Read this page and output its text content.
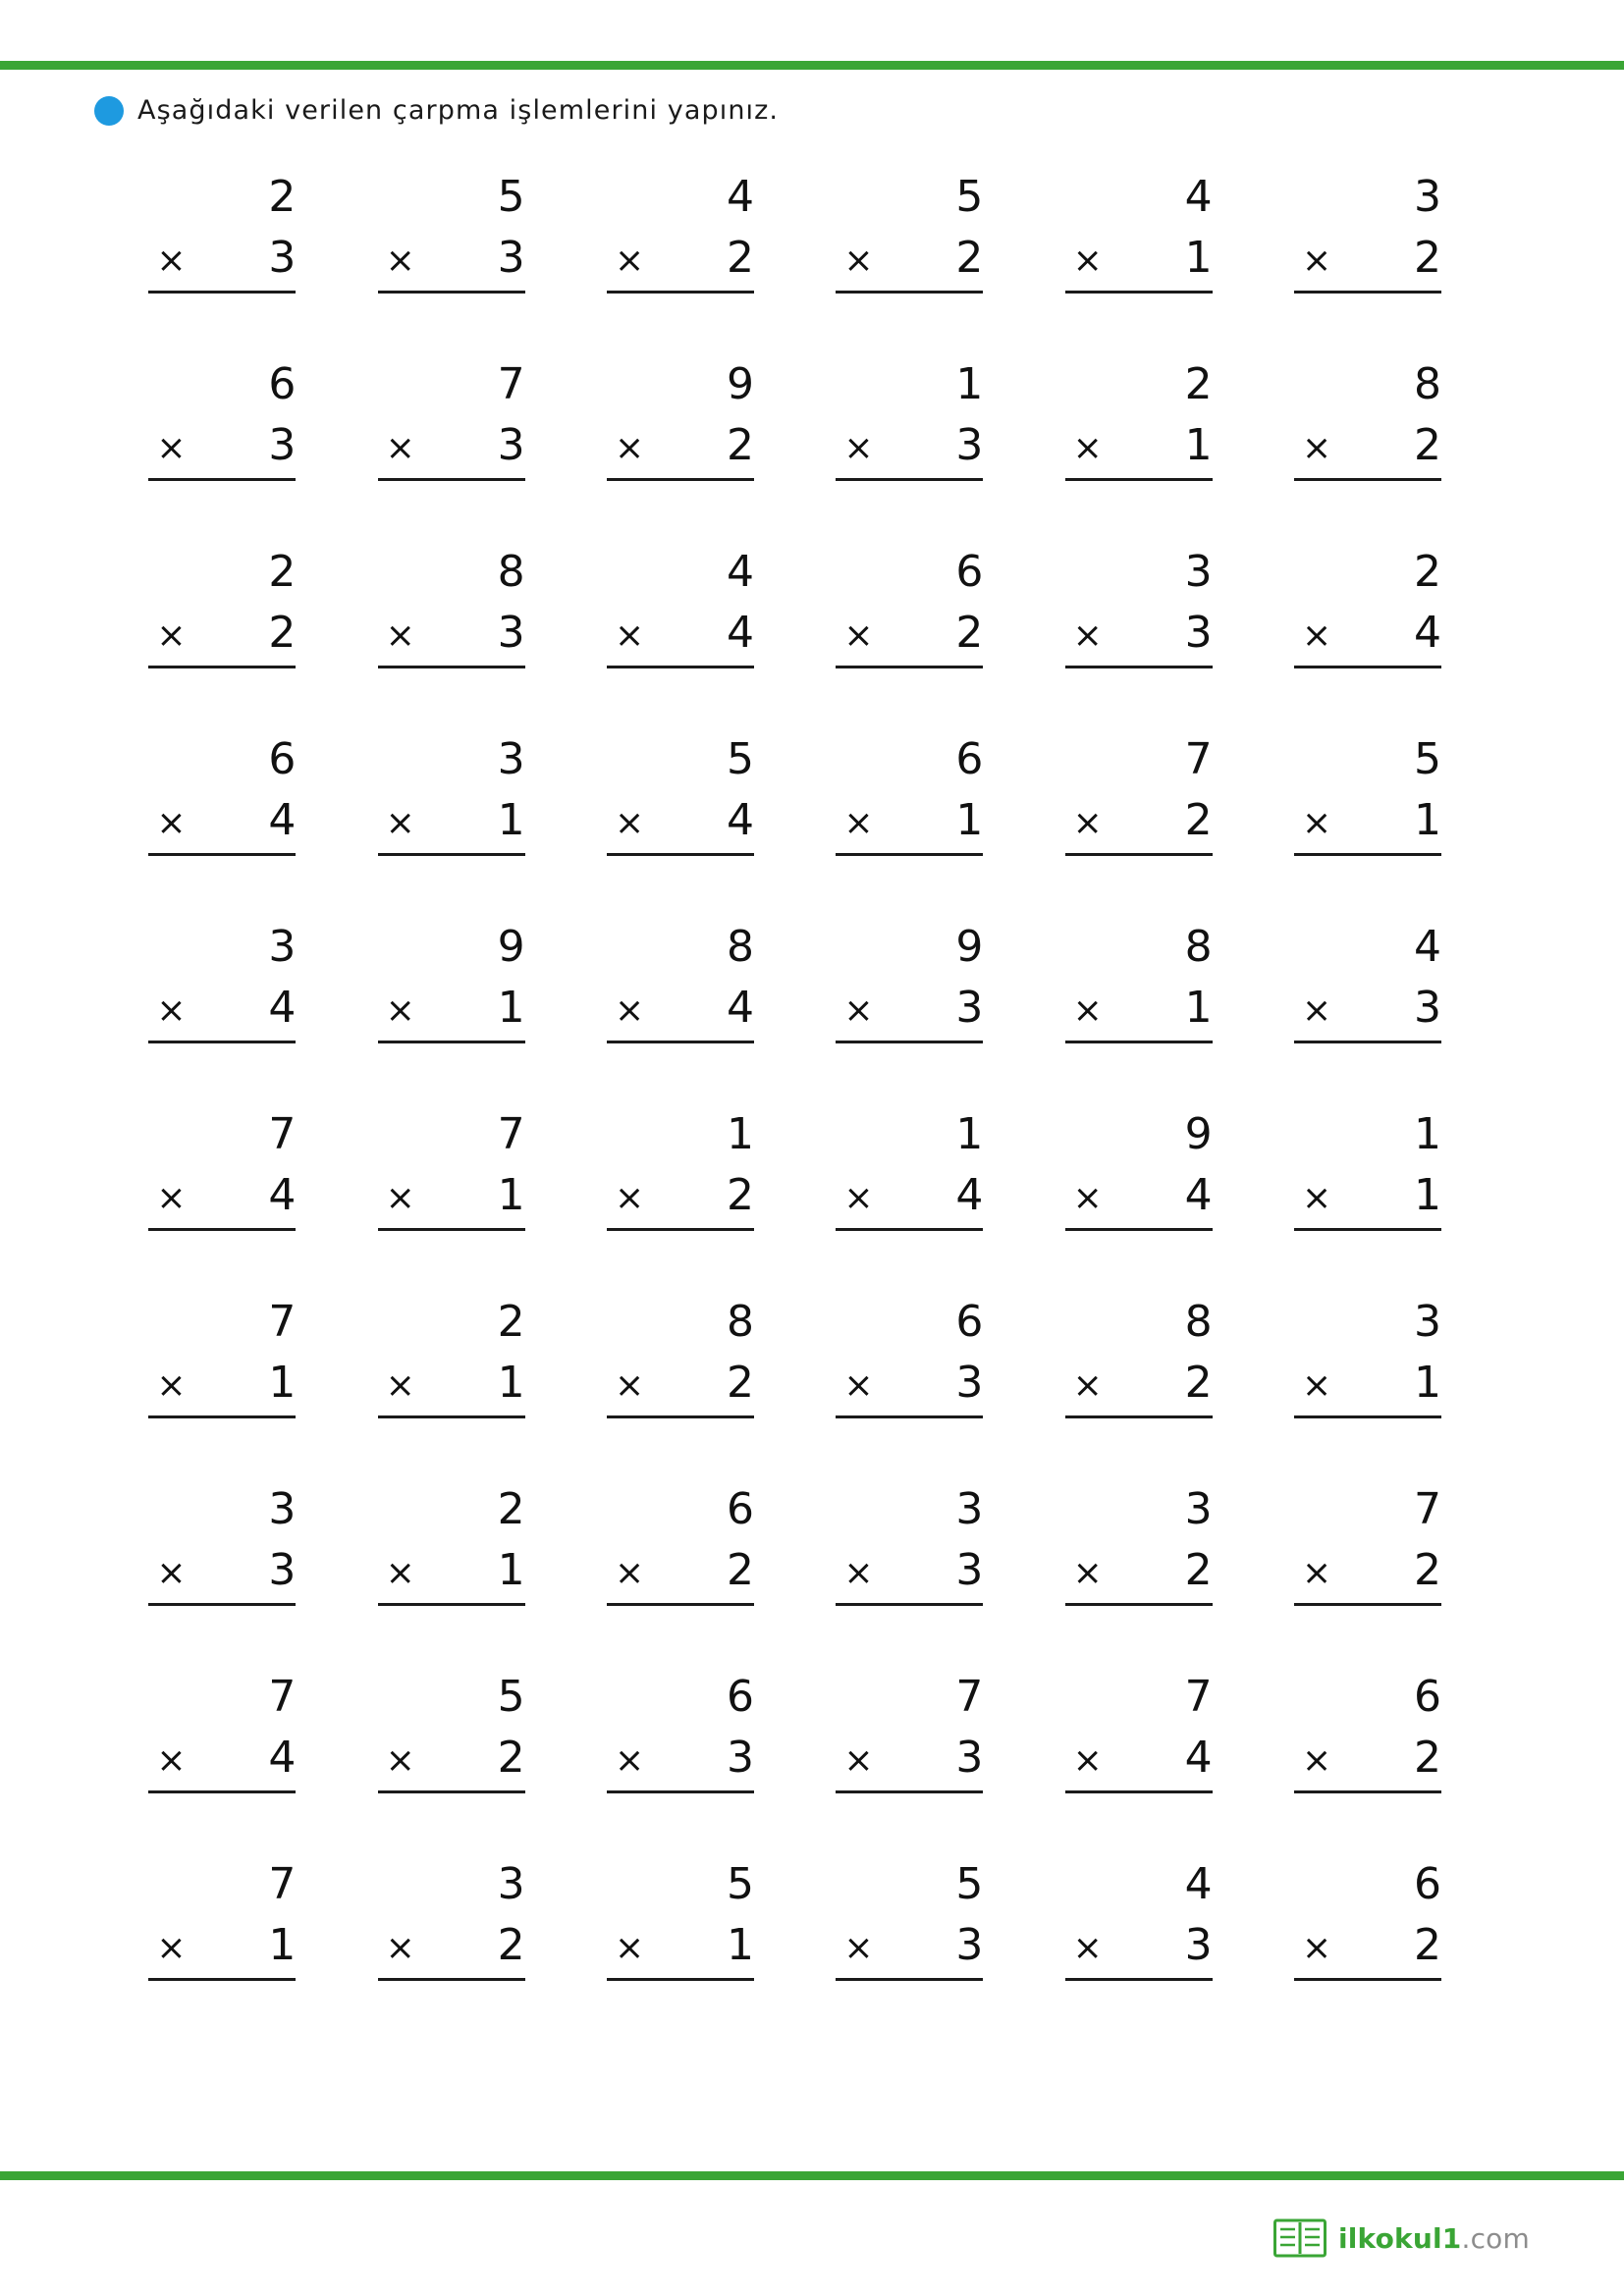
Aşağıdaki verilen çarpma işlemlerini yapınız.
2
× 3
5
× 3
4
× 2
5
× 2
4
× 1
3
× 2
6
× 3
7
× 3
9
× 2
1
× 3
2
× 1
8
× 2
2
× 2
8
× 3
4
× 4
6
× 2
3
× 3
2
× 4
6
× 4
3
× 1
5
× 4
6
× 1
7
× 2
5
× 1
3
× 4
9
× 1
8
× 4
9
× 3
8
× 1
4
× 3
7
× 4
7
× 1
1
× 2
1
× 4
9
× 4
1
× 1
7
× 1
2
× 1
8
× 2
6
× 3
8
× 2
3
× 1
3
× 3
2
× 1
6
× 2
3
× 3
3
× 2
7
× 2
7
× 4
5
× 2
6
× 3
7
× 3
7
× 4
6
× 2
7
× 1
3
× 2
5
× 1
5
× 3
4
× 3
6
× 2
ilkokul1.com
